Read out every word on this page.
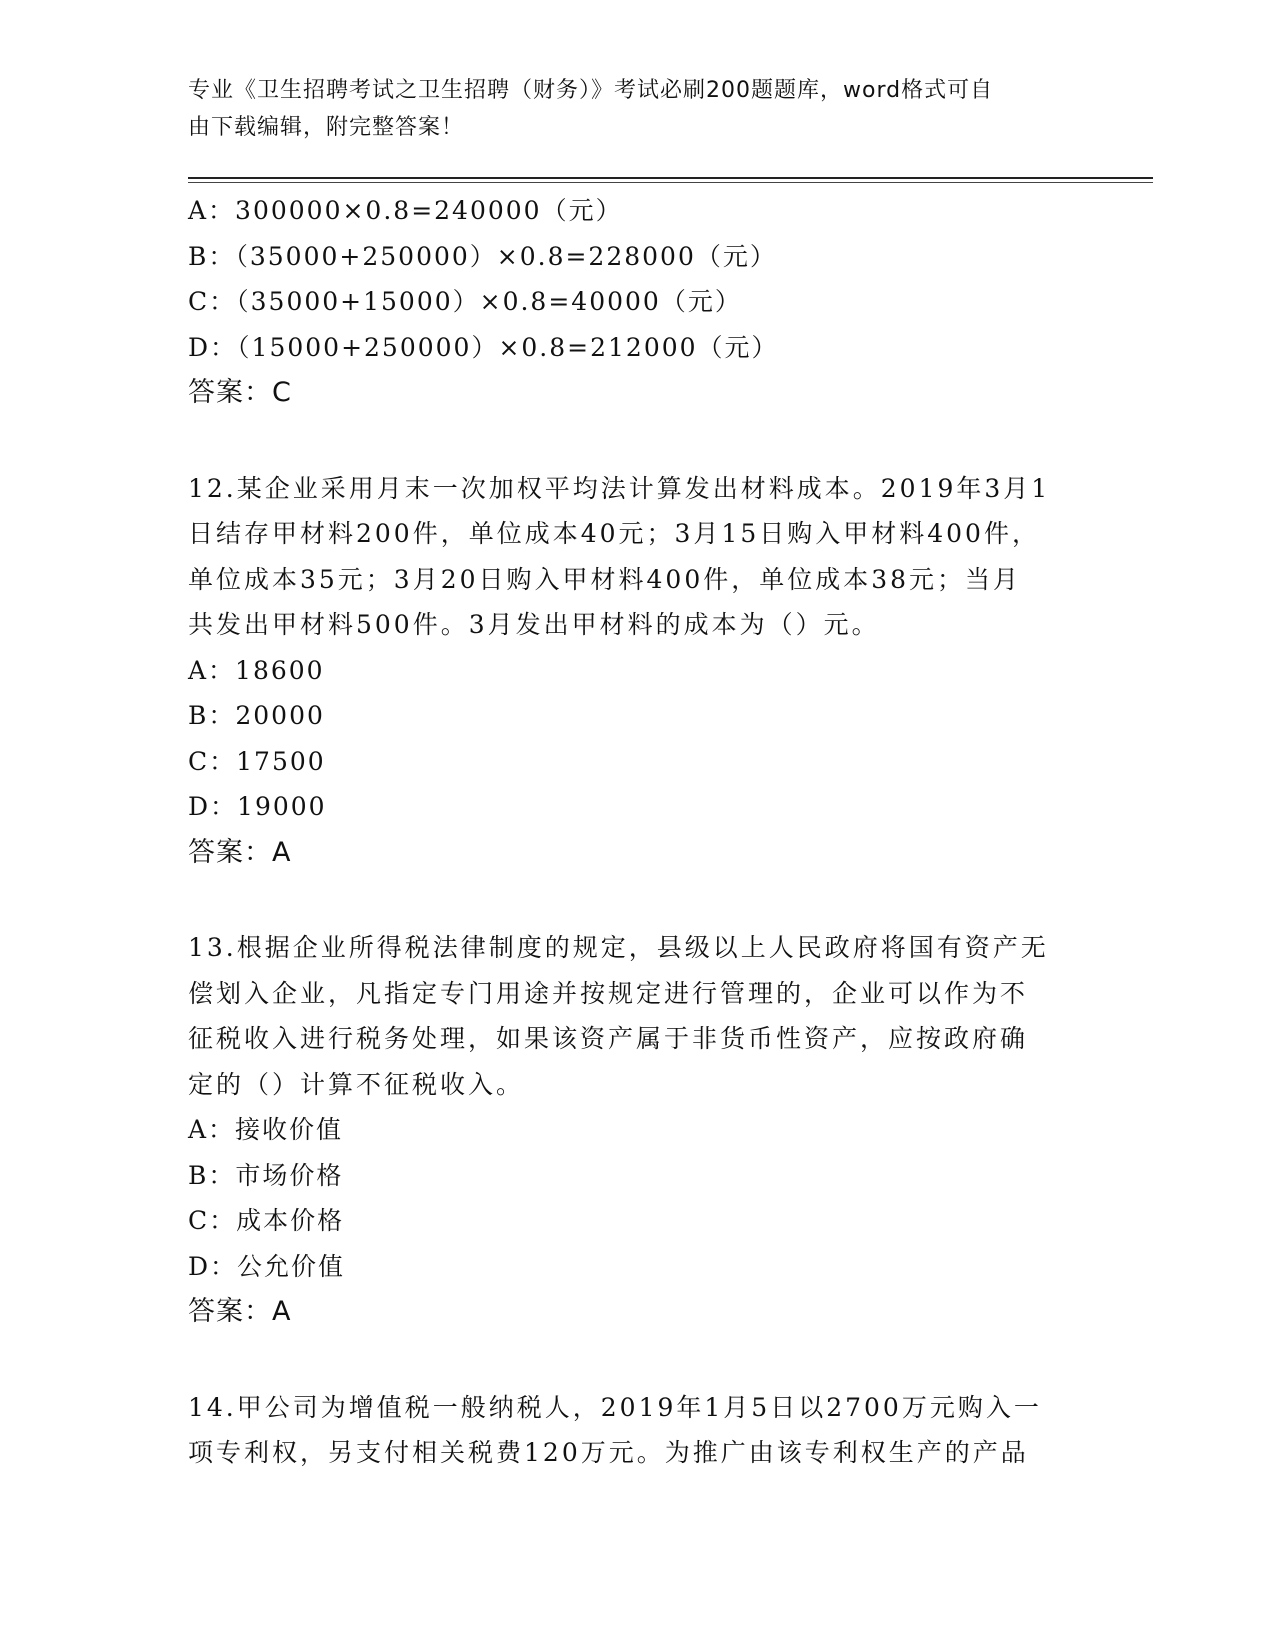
专业《卫生招聘考试之卫生招聘（财务）》考试必刷200题题库，word格式可自
由下载编辑，附完整答案！
A：300000×0.8=240000（元）
B：（35000+250000）×0.8=228000（元）
C：（35000+15000）×0.8=40000（元）
D：（15000+250000）×0.8=212000（元）
答案：C
12.某企业采用月末一次加权平均法计算发出材料成本。2019年3月1
日结存甲材料200件，单位成本40元；3月15日购入甲材料400件，
单位成本35元；3月20日购入甲材料400件，单位成本38元；当月
共发出甲材料500件。3月发出甲材料的成本为（）元。
A：18600
B：20000
C：17500
D：19000
答案：A
13.根据企业所得税法律制度的规定，县级以上人民政府将国有资产无
偿划入企业，凡指定专门用途并按规定进行管理的，企业可以作为不
征税收入进行税务处理，如果该资产属于非货币性资产，应按政府确
定的（）计算不征税收入。
A：接收价值
B：市场价格
C：成本价格
D：公允价值
答案：A
14.甲公司为增值税一般纳税人，2019年1月5日以2700万元购入一
项专利权，另支付相关税费120万元。为推广由该专利权生产的产品
